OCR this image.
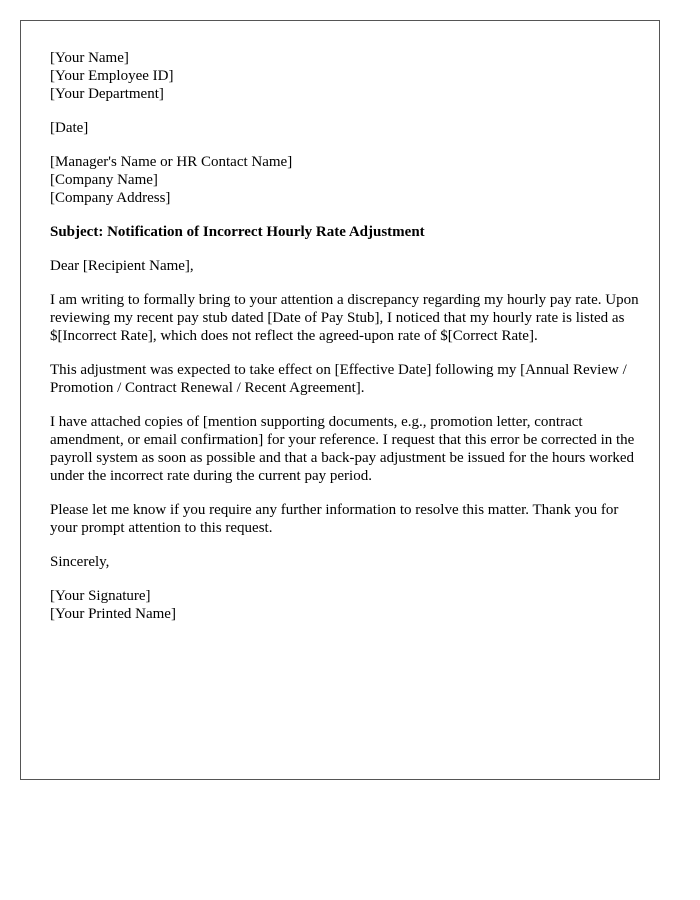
[Your Name]
[Your Employee ID]
[Your Department]
[Date]
[Manager's Name or HR Contact Name]
[Company Name]
[Company Address]
Subject: Notification of Incorrect Hourly Rate Adjustment
Dear [Recipient Name],

I am writing to formally bring to your attention a discrepancy regarding my hourly pay rate. Upon reviewing my recent pay stub dated [Date of Pay Stub], I noticed that my hourly rate is listed as $[Incorrect Rate], which does not reflect the agreed-upon rate of $[Correct Rate].

This adjustment was expected to take effect on [Effective Date] following my [Annual Review / Promotion / Contract Renewal / Recent Agreement].

I have attached copies of [mention supporting documents, e.g., promotion letter, contract amendment, or email confirmation] for your reference. I request that this error be corrected in the payroll system as soon as possible and that a back-pay adjustment be issued for the hours worked under the incorrect rate during the current pay period.

Please let me know if you require any further information to resolve this matter. Thank you for your prompt attention to this request.

Sincerely,
[Your Signature]
[Your Printed Name]
